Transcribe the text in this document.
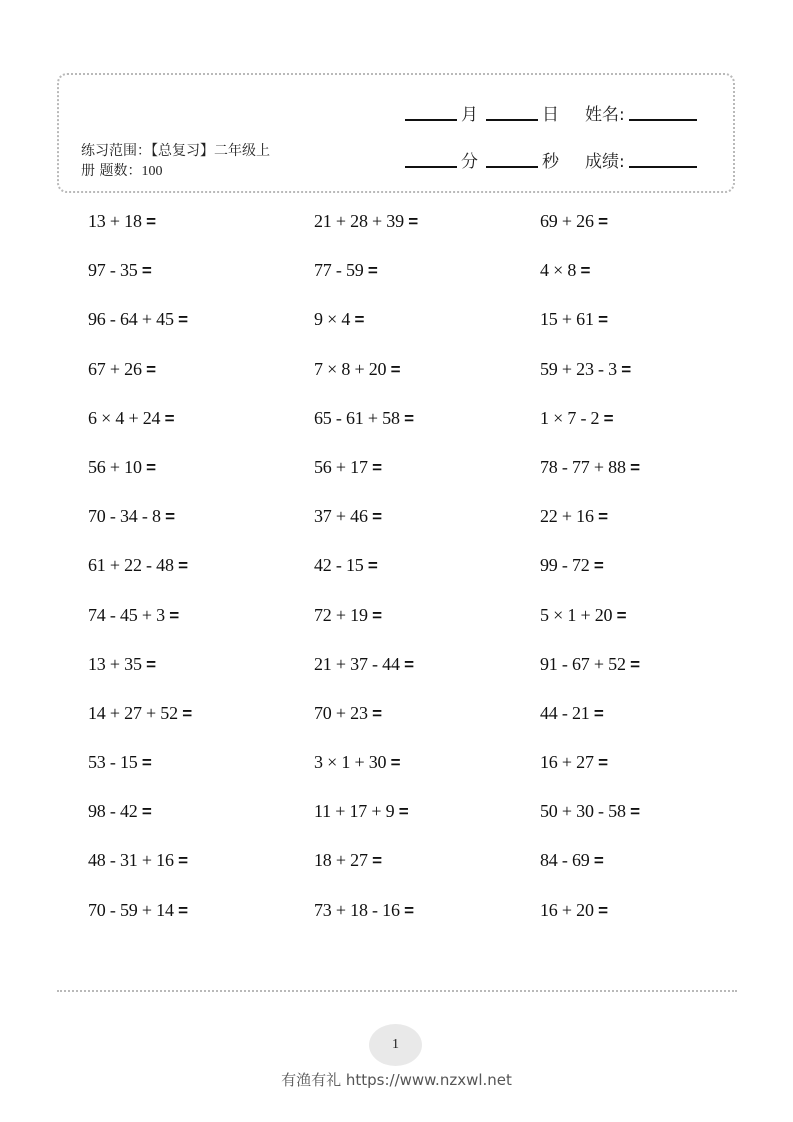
练习范围：【总复习】二年级上
册 题数：100
月	日 姓名:
分	秒 成绩:
13 + 18 =	21 + 28 + 39 =	69 + 26 =
97 - 35 =	77 - 59 =	4 × 8 =
96 - 64 + 45 =	9 × 4 =	15 + 61 =
67 + 26 =	7 × 8 + 20 =	59 + 23 - 3 =
6 × 4 + 24 =	65 - 61 + 58 =	1 × 7 - 2 =
56 + 10 =	56 + 17 =	78 - 77 + 88 =
70 - 34 - 8 =	37 + 46 =	22 + 16 =
61 + 22 - 48 =	42 - 15 =	99 - 72 =
74 - 45 + 3 =	72 + 19 =	5 × 1 + 20 =
13 + 35 =	21 + 37 - 44 =	91 - 67 + 52 =
14 + 27 + 52 =	70 + 23 =	44 - 21 =
53 - 15 =	3 × 1 + 30 =	16 + 27 =
98 - 42 =	11 + 17 + 9 =	50 + 30 - 58 =
48 - 31 + 16 =	18 + 27 =	84 - 69 =
70 - 59 + 14 =	73 + 18 - 16 =	16 + 20 =
1
有渔有礼 https://www.nzxwl.net
